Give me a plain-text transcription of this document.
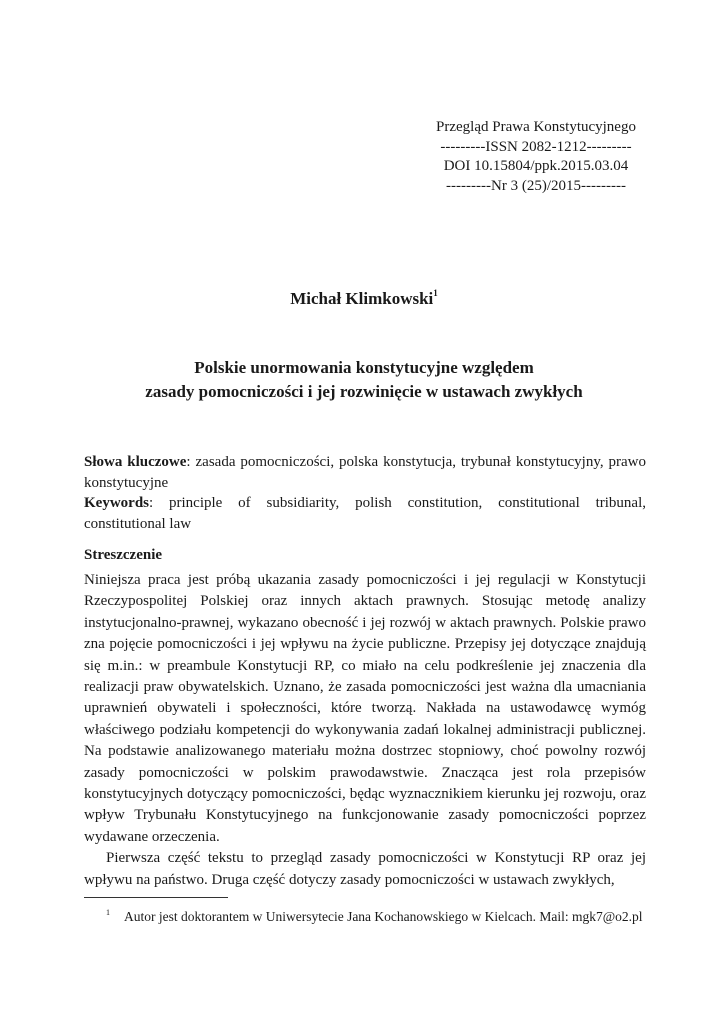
Przegląd Prawa Konstytucyjnego
---------ISSN 2082-1212---------
DOI 10.15804/ppk.2015.03.04
---------Nr 3 (25)/2015---------
Michał Klimkowski$^1$
Polskie unormowania konstytucyjne względem
zasady pomocniczości i jej rozwinięcie w ustawach zwykłych

Słowa kluczowe: zasada pomocniczości, polska konstytucja, trybunał konstytucyjny, prawo konstytucyjne

Keywords: principle of subsidiarity, polish constitution, constitutional tribunal, constitutional law

Streszczenie

Niniejsza praca jest próbą ukazania zasady pomocniczości i jej regulacji w Konstytucji Rzeczypospolitej Polskiej oraz innych aktach prawnych. Stosując metodę analizy instytucjonalno-prawnej, wykazano obecność i jej rozwój w aktach prawnych. Polskie prawo zna pojęcie pomocniczości i jej wpływu na życie publiczne. Przepisy jej dotyczące znajdują się m.in.: w preambule Konstytucji RP, co miało na celu podkreślenie jej znaczenia dla realizacji praw obywatelskich. Uznano, że zasada pomocniczości jest ważna dla umacniania uprawnień obywateli i społeczności, które tworzą. Nakłada na ustawodawcę wymóg właściwego podziału kompetencji do wykonywania zadań lokalnej administracji publicznej. Na podstawie analizowanego materiału można dostrzec stopniowy, choć powolny rozwój zasady pomocniczości w polskim prawodawstwie. Znacząca jest rola przepisów konstytucyjnych dotyczący pomocniczości, będąc wyznacznikiem kierunku jej rozwoju, oraz wpływ Trybunału Konstytucyjnego na funkcjonowanie zasady pomocniczości poprzez wydawane orzeczenia.

Pierwsza część tekstu to przegląd zasady pomocniczości w Konstytucji RP oraz jej wpływu na państwo. Druga część dotyczy zasady pomocniczości w ustawach zwykłych,

$^1$ Autor jest doktorantem w Uniwersytecie Jana Kochanowskiego w Kielcach. Mail: mgk7@o2.pl
